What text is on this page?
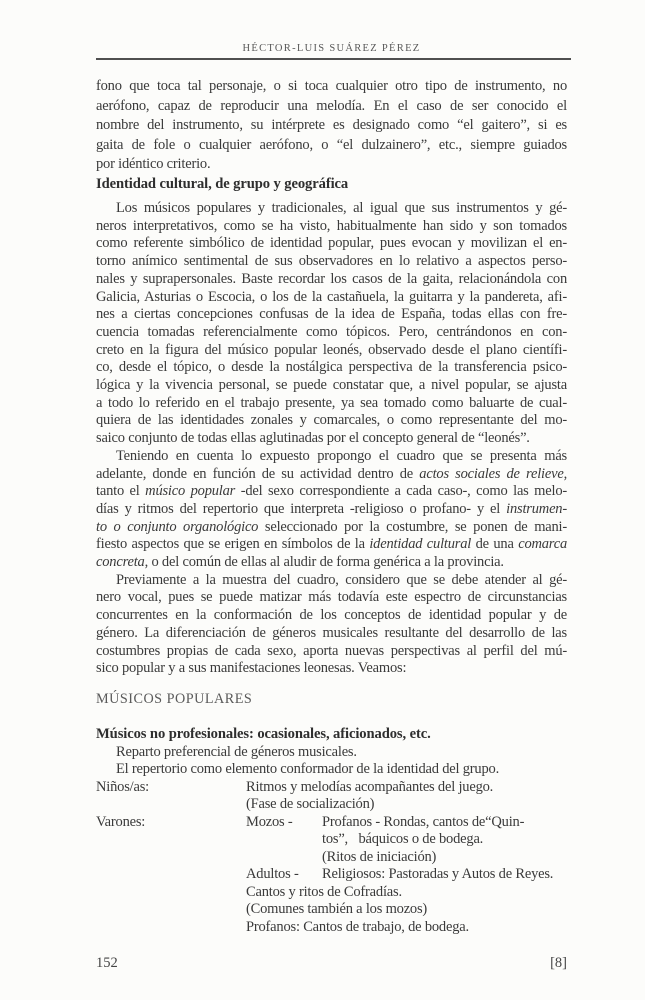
HÉCTOR-LUIS SUÁREZ PÉREZ
fono que toca tal personaje, o si toca cualquier otro tipo de instrumento, no
aerófono, capaz de reproducir una melodía. En el caso de ser conocido el
nombre del instrumento, su intérprete es designado como “el gaitero”, si es
gaita de fole o cualquier aerófono, o “el dulzainero”, etc., siempre guiados
por idéntico criterio.
Identidad cultural, de grupo y geográfica
Los músicos populares y tradicionales, al igual que sus instrumentos y gé-
neros interpretativos, como se ha visto, habitualmente han sido y son tomados
como referente simbólico de identidad popular, pues evocan y movilizan el en-
torno anímico sentimental de sus observadores en lo relativo a aspectos perso-
nales y suprapersonales. Baste recordar los casos de la gaita, relacionándola con
Galicia, Asturias o Escocia, o los de la castañuela, la guitarra y la pandereta, afi-
nes a ciertas concepciones confusas de la idea de España, todas ellas con fre-
cuencia tomadas referencialmente como tópicos. Pero, centrándonos en con-
creto en la figura del músico popular leonés, observado desde el plano científi-
co, desde el tópico, o desde la nostálgica perspectiva de la transferencia psico-
lógica y la vivencia personal, se puede constatar que, a nivel popular, se ajusta
a todo lo referido en el trabajo presente, ya sea tomado como baluarte de cual-
quiera de las identidades zonales y comarcales, o como representante del mo-
saico conjunto de todas ellas aglutinadas por el concepto general de “leonés”.
Teniendo en cuenta lo expuesto propongo el cuadro que se presenta más
adelante, donde en función de su actividad dentro de actos sociales de relieve,
tanto el músico popular -del sexo correspondiente a cada caso-, como las melo-
días y ritmos del repertorio que interpreta -religioso o profano- y el instrumen-
to o conjunto organológico seleccionado por la costumbre, se ponen de mani-
fiesto aspectos que se erigen en símbolos de la identidad cultural de una comarca
concreta, o del común de ellas al aludir de forma genérica a la provincia.
Previamente a la muestra del cuadro, considero que se debe atender al gé-
nero vocal, pues se puede matizar más todavía este espectro de circunstancias
concurrentes en la conformación de los conceptos de identidad popular y de
género. La diferenciación de géneros musicales resultante del desarrollo de las
costumbres propias de cada sexo, aporta nuevas perspectivas al perfil del mú-
sico popular y a sus manifestaciones leonesas. Veamos:
MÚSICOS POPULARES
Músicos no profesionales: ocasionales, aficionados, etc.
Reparto preferencial de géneros musicales.
El repertorio como elemento conformador de la identidad del grupo.
Niños/as:	Ritmos y melodías acompañantes del juego.
(Fase de socialización)
Varones:	Mozos - Profanos - Rondas, cantos de“Quin-
tos”,  báquicos o de bodega.
(Ritos de iniciación)
Adultos - Religiosos: Pastoradas y Autos de Reyes.
Cantos y ritos de Cofradías.
(Comunes también a los mozos)
Profanos: Cantos de trabajo, de bodega.
152	[8]
